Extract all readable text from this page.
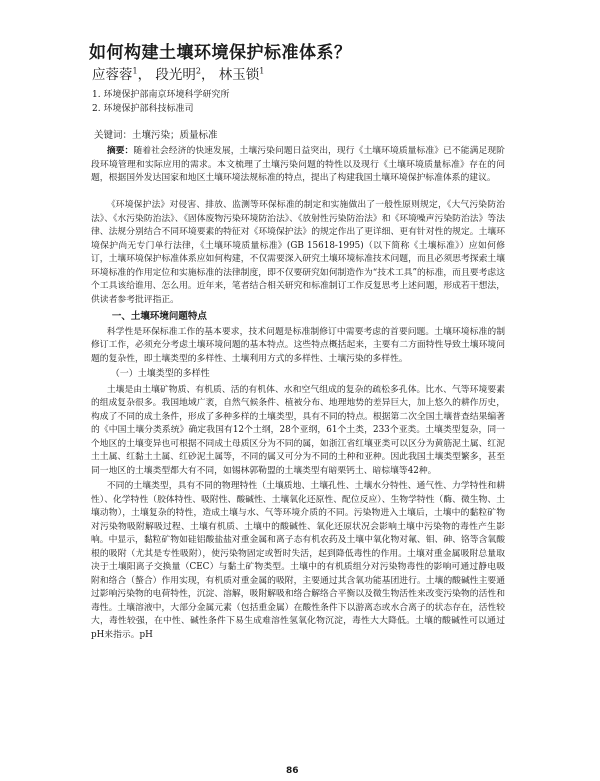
如何构建土壤环境保护标准体系？
应蓉蓉$^1$， 段光明$^2$， 林玉锁$^1$
1. 环境保护部南京环境科学研究所
2. 环境保护部科技标准司
关键词：土壤污染；质量标准

摘要：随着社会经济的快速发展，土壤污染问题日益突出，现行《土壤环境质量标准》已不能满足现阶段环境管理和实际应用的需求。本文梳理了土壤污染问题的特性以及现行《土壤环境质量标准》存在的问题，根据国外发达国家和地区土壤环境法规标准的特点，提出了构建我国土壤环境保护标准体系的建议。

《环境保护法》对侵害、排放、监测等环保标准的制定和实施做出了一般性原则规定，《大气污染防治法》、《水污染防治法》、《固体废物污染环境防治法》、《放射性污染防治法》和《环境噪声污染防治法》等法律、法规分别结合不同环境要素的特征对《环境保护法》的规定作出了更详细、更有针对性的规定。土壤环境保护尚无专门单行法律，《土壤环境质量标准》(GB 15618-1995)（以下简称《土壤标准》）应如何修订，土壤环境保护标准体系应如何构建，不仅需要深入研究土壤环境标准技术问题，而且必须思考探索土壤环境标准的作用定位和实施标准的法律制度，即不仅要研究如何制造作为“技术工具”的标准，而且要考虑这个工具该给谁用、怎么用。近年来，笔者结合相关研究和标准制订工作反复思考上述问题，形成若干想法，供读者参考批评指正。

一、土壤环境问题特点

科学性是环保标准工作的基本要求，技术问题是标准制修订中需要考虑的首要问题。土壤环境标准的制修订工作，必须充分考虑土壤环境问题的基本特点。这些特点概括起来，主要有二方面特性导致土壤环境问题的复杂性，即土壤类型的多样性、土壤利用方式的多样性、土壤污染的多样性。

（一）土壤类型的多样性

土壤是由土壤矿物质、有机质、活的有机体、水和空气组成的复杂的疏松多孔体。比水、气等环境要素的组成复杂很多。我国地域广袤，自然气候条件、植被分布、地理地势的差异巨大，加上悠久的耕作历史，构成了不同的成土条件，形成了多种多样的土壤类型，具有不同的特点。根据第二次全国土壤普查结果编著的《中国土壤分类系统》确定我国有12个土纲，28个亚纲，61个土类，233个亚类。土壤类型复杂，同一个地区的土壤变异也可根据不同成土母质区分为不同的属，如浙江省红壤亚类可以区分为黄筋泥土属、红泥土土属、红黏土土属、红砂泥土属等，不同的属又可分为不同的土种和亚种。因此我国土壤类型繁多，甚至同一地区的土壤类型都大有不同，如锡林郭勒盟的土壤类型有暗栗钙土、暗棕壤等42种。

不同的土壤类型，具有不同的物理特性（土壤质地、土壤孔性、土壤水分特性、通气性、力学特性和耕性）、化学特性（胶体特性、吸附性、酸碱性、土壤氧化还原性、配位反应）、生物学特性（酶、微生物、土壤动物），土壤复杂的特性，造成土壤与水、气等环境介质的不同。污染物进入土壤后，土壤中的黏粒矿物对污染物吸附解吸过程、土壤有机质、土壤中的酸碱性、氧化还原状况会影响土壤中污染物的毒性产生影响。中显示，黏粒矿物如硅铝酸盐盐对重金属和离子态有机农药及土壤中氧化物对氟、钼、砷、铬等含氧酸根的吸附（尤其是专性吸附），使污染物固定或暂时失活，起到降低毒性的作用。土壤对重金属吸附总量取决于土壤阳离子交换量（CEC）与黏土矿物类型。土壤中的有机质组分对污染物毒性的影响可通过静电吸附和络合（螯合）作用实现，有机质对重金属的吸附，主要通过其含氧功能基团进行。土壤的酸碱性主要通过影响污染物的电荷特性，沉淀、溶解，吸附解吸和络合解络合平衡以及微生物活性来改变污染物的活性和毒性。土壤溶液中，大部分金属元素（包括重金属）在酸性条件下以游离态或水合离子的状态存在，活性较大，毒性较强，在中性、碱性条件下易生成难溶性氢氧化物沉淀，毒性大大降低。土壤的酸碱性可以通过pH来指示。pH

86
